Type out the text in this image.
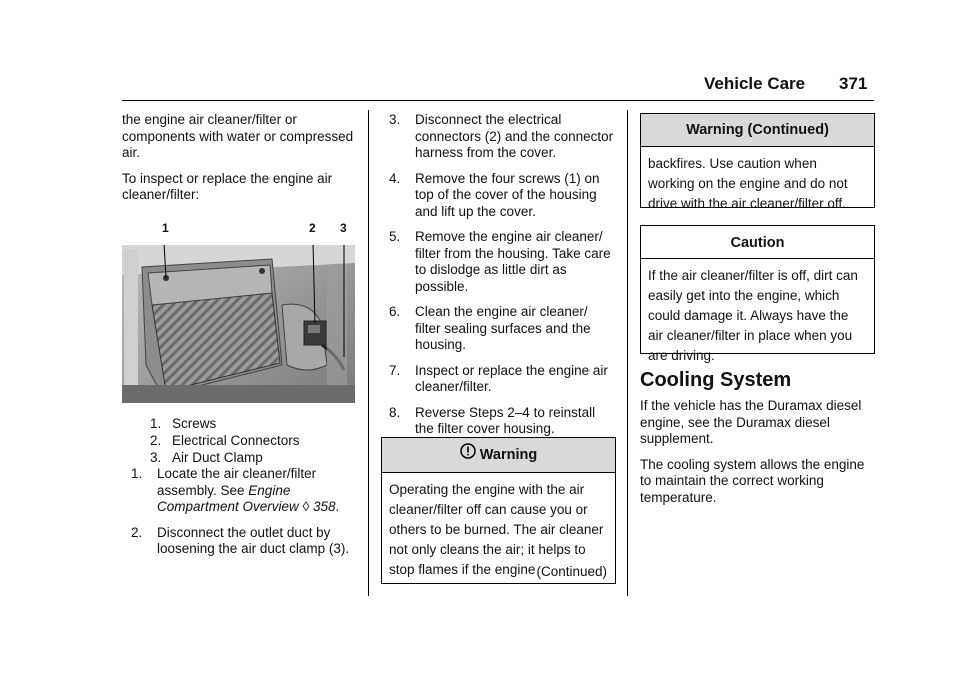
Vehicle Care 371

the engine air cleaner/filter or components with water or compressed air.

To inspect or replace the engine air cleaner/filter:

1	2 3
1. Screws
2. Electrical Connectors
3. Air Duct Clamp
1. Locate the air cleaner/filter assembly. See Engine Compartment Overview ◊ 358.
2. Disconnect the outlet duct by loosening the air duct clamp (3).
3. Disconnect the electrical connectors (2) and the connector harness from the cover.
4. Remove the four screws (1) on top of the cover of the housing and lift up the cover.
5. Remove the engine air cleaner/ filter from the housing. Take care to dislodge as little dirt as possible.
6. Clean the engine air cleaner/ filter sealing surfaces and the housing.
7. Inspect or replace the engine air cleaner/filter.
8. Reverse Steps 2–4 to reinstall the filter cover housing.
Warning
Operating the engine with the air cleaner/filter off can cause you or others to be burned. The air cleaner not only cleans the air; it helps to stop flames if the engine (Continued)
Warning (Continued)
backfires. Use caution when working on the engine and do not drive with the air cleaner/filter off.
Caution
If the air cleaner/filter is off, dirt can easily get into the engine, which could damage it. Always have the air cleaner/filter in place when you are driving.
Cooling System

If the vehicle has the Duramax diesel engine, see the Duramax diesel supplement.

The cooling system allows the engine to maintain the correct working temperature.
